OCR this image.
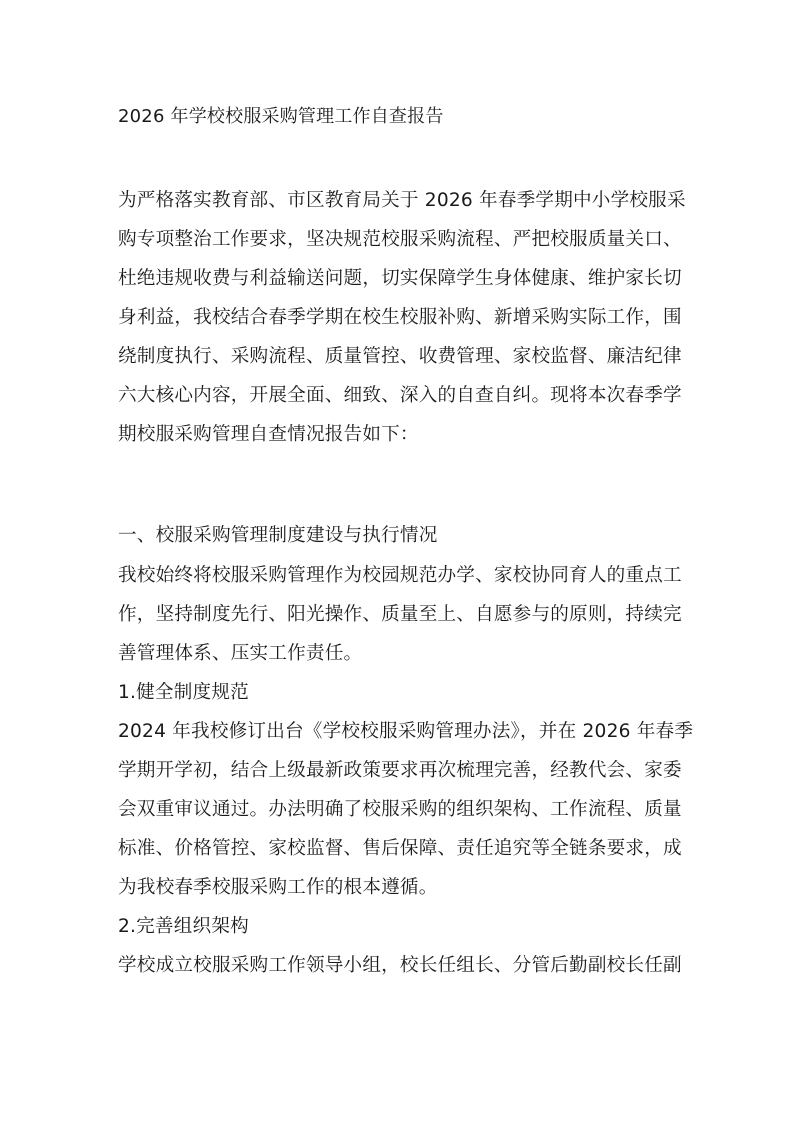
2026 年学校校服采购管理工作自查报告
为严格落实教育部、市区教育局关于 2026 年春季学期中小学校服采
购专项整治工作要求，坚决规范校服采购流程、严把校服质量关口、
杜绝违规收费与利益输送问题，切实保障学生身体健康、维护家长切
身利益，我校结合春季学期在校生校服补购、新增采购实际工作，围
绕制度执行、采购流程、质量管控、收费管理、家校监督、廉洁纪律
六大核心内容，开展全面、细致、深入的自查自纠。现将本次春季学
期校服采购管理自查情况报告如下：
一、校服采购管理制度建设与执行情况
我校始终将校服采购管理作为校园规范办学、家校协同育人的重点工
作，坚持制度先行、阳光操作、质量至上、自愿参与的原则，持续完
善管理体系、压实工作责任。
1.健全制度规范
2024 年我校修订出台《学校校服采购管理办法》，并在 2026 年春季
学期开学初，结合上级最新政策要求再次梳理完善，经教代会、家委
会双重审议通过。办法明确了校服采购的组织架构、工作流程、质量
标准、价格管控、家校监督、售后保障、责任追究等全链条要求，成
为我校春季校服采购工作的根本遵循。
2.完善组织架构
学校成立校服采购工作领导小组，校长任组长、分管后勤副校长任副
